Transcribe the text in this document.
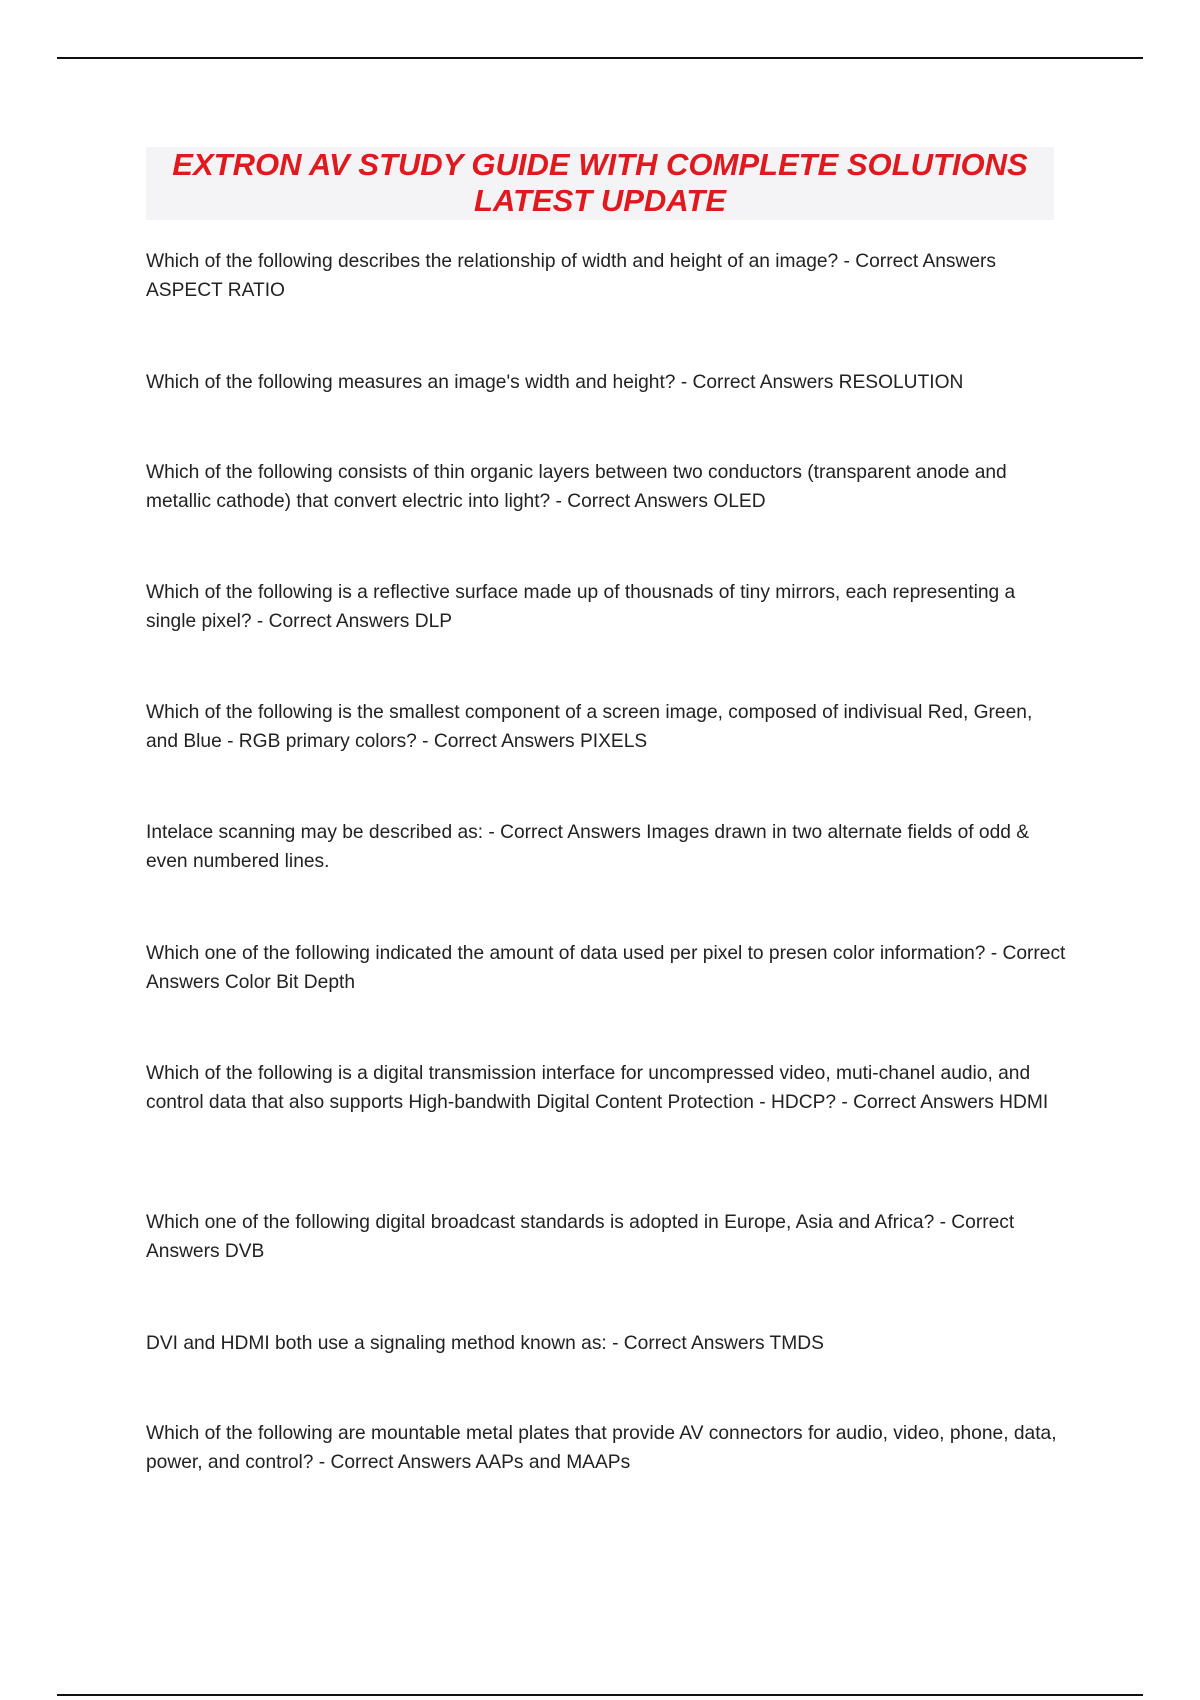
EXTRON AV STUDY GUIDE WITH COMPLETE SOLUTIONS
LATEST UPDATE

Which of the following describes the relationship of width and height of an image? - Correct Answers ASPECT RATIO

Which of the following measures an image's width and height? - Correct Answers RESOLUTION

Which of the following consists of thin organic layers between two conductors (transparent anode and metallic cathode) that convert electric into light? - Correct Answers OLED

Which of the following is a reflective surface made up of thousnads of tiny mirrors, each representing a single pixel? - Correct Answers DLP

Which of the following is the smallest component of a screen image, composed of indivisual Red, Green, and Blue - RGB primary colors? - Correct Answers PIXELS

Intelace scanning may be described as: - Correct Answers Images drawn in two alternate fields of odd & even numbered lines.

Which one of the following indicated the amount of data used per pixel to presen color information? - Correct Answers Color Bit Depth

Which of the following is a digital transmission interface for uncompressed video, muti-chanel audio, and control data that also supports High-bandwith Digital Content Protection - HDCP? - Correct Answers HDMI

Which one of the following digital broadcast standards is adopted in Europe, Asia and Africa? - Correct Answers DVB

DVI and HDMI both use a signaling method known as: - Correct Answers TMDS

Which of the following are mountable metal plates that provide AV connectors for audio, video, phone, data, power, and control? - Correct Answers AAPs and MAAPs
